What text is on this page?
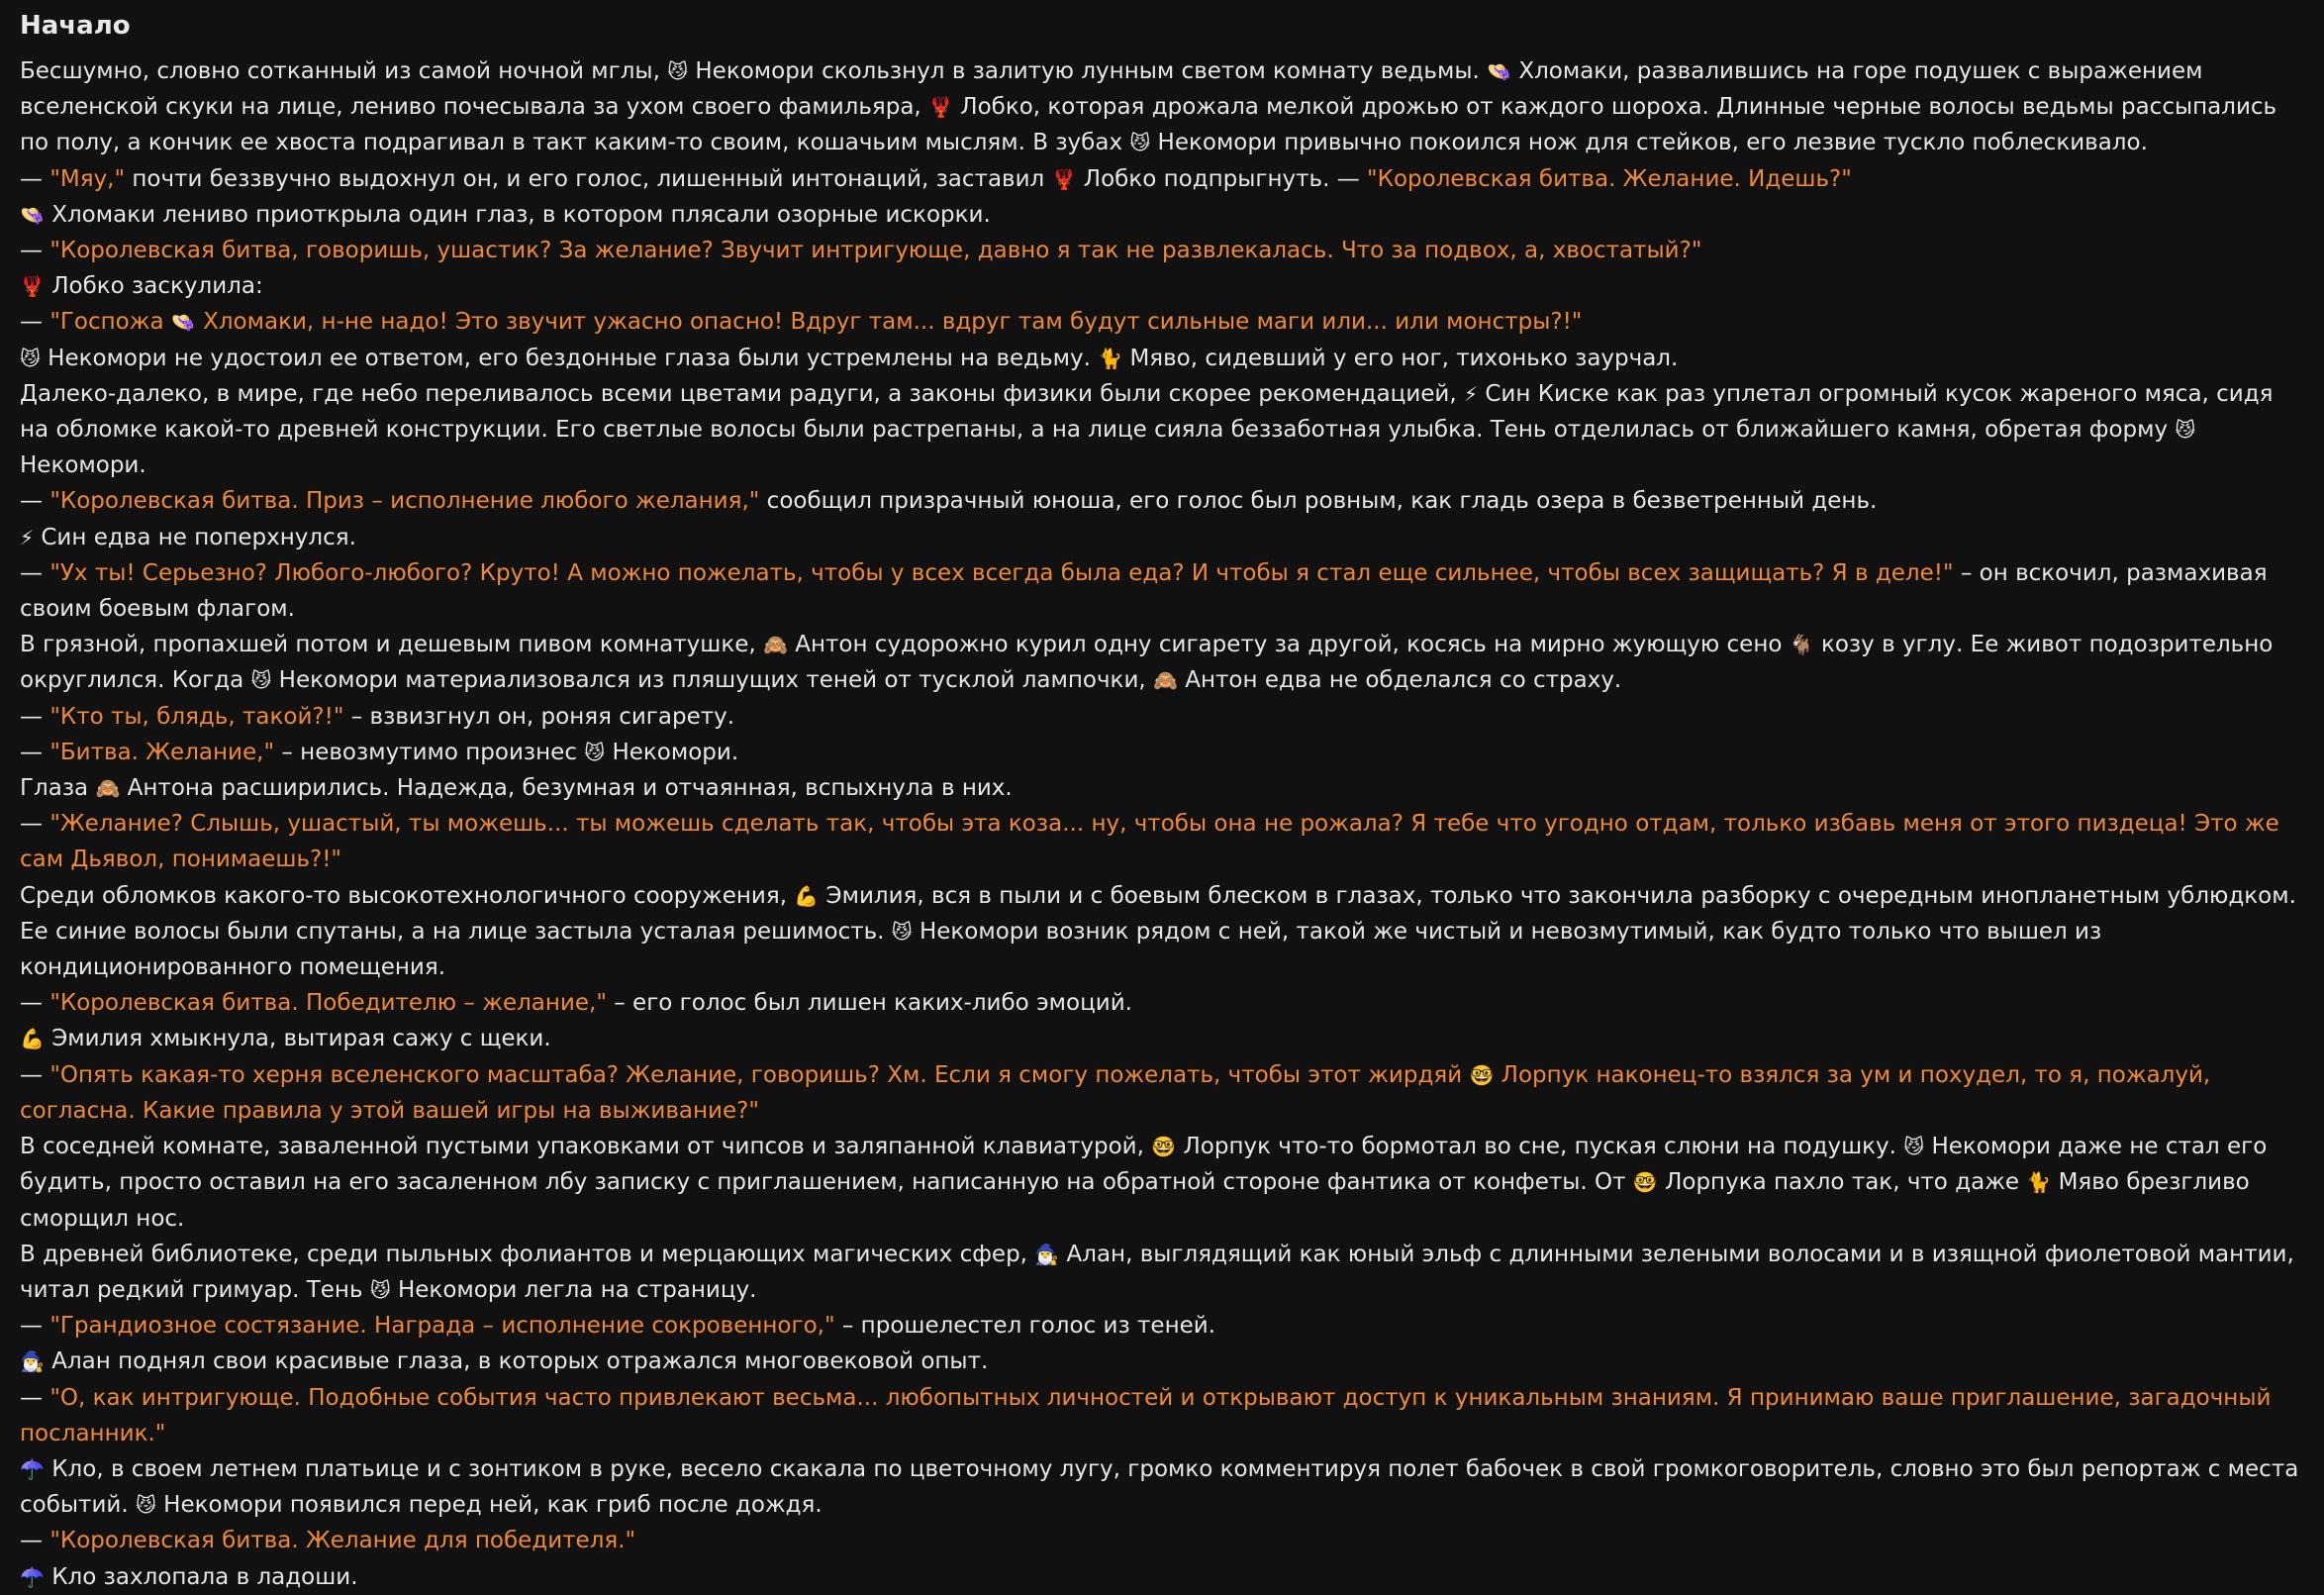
Начало

Бесшумно, словно сотканный из самой ночной мглы, 😼 Некомори скользнул в залитую лунным светом комнату ведьмы. 👒 Хломаки, развалившись на горе подушек с выражением вселенской скуки на лице, лениво почесывала за ухом своего фамильяра, 🦞 Лобко, которая дрожала мелкой дрожью от каждого шороха. Длинные черные волосы ведьмы рассыпались по полу, а кончик ее хвоста подрагивал в такт каким-то своим, кошачьим мыслям. В зубах 😼 Некомори привычно покоился нож для стейков, его лезвие тускло поблескивало.

— "Мяу," почти беззвучно выдохнул он, и его голос, лишенный интонаций, заставил 🦞 Лобко подпрыгнуть. — "Королевская битва. Желание. Идешь?"

👒 Хломаки лениво приоткрыла один глаз, в котором плясали озорные искорки.

— "Королевская битва, говоришь, ушастик? За желание? Звучит интригующе, давно я так не развлекалась. Что за подвох, а, хвостатый?"

🦞 Лобко заскулила:

— "Госпожа 👒 Хломаки, н-не надо! Это звучит ужасно опасно! Вдруг там... вдруг там будут сильные маги или... или монстры?!"

😼 Некомори не удостоил ее ответом, его бездонные глаза были устремлены на ведьму. 🐈 Мяво, сидевший у его ног, тихонько заурчал.

Далеко-далеко, в мире, где небо переливалось всеми цветами радуги, а законы физики были скорее рекомендацией, ⚡ Син Киске как раз уплетал огромный кусок жареного мяса, сидя на обломке какой-то древней конструкции. Его светлые волосы были растрепаны, а на лице сияла беззаботная улыбка. Тень отделилась от ближайшего камня, обретая форму 😼 Некомори.

— "Королевская битва. Приз – исполнение любого желания," сообщил призрачный юноша, его голос был ровным, как гладь озера в безветренный день.

⚡ Син едва не поперхнулся.

— "Ух ты! Серьезно? Любого-любого? Круто! А можно пожелать, чтобы у всех всегда была еда? И чтобы я стал еще сильнее, чтобы всех защищать? Я в деле!" – он вскочил, размахивая своим боевым флагом.

В грязной, пропахшей потом и дешевым пивом комнатушке, 🙈 Антон судорожно курил одну сигарету за другой, косясь на мирно жующую сено 🐐 козу в углу. Ее живот подозрительно округлился. Когда 😼 Некомори материализовался из пляшущих теней от тусклой лампочки, 🙈 Антон едва не обделался со страху.

— "Кто ты, блядь, такой?!" – взвизгнул он, роняя сигарету.

— "Битва. Желание," – невозмутимо произнес 😼 Некомори.

Глаза 🙈 Антона расширились. Надежда, безумная и отчаянная, вспыхнула в них.

— "Желание? Слышь, ушастый, ты можешь... ты можешь сделать так, чтобы эта коза... ну, чтобы она не рожала? Я тебе что угодно отдам, только избавь меня от этого пиздеца! Это же сам Дьявол, понимаешь?!"

Среди обломков какого-то высокотехнологичного сооружения, 💪 Эмилия, вся в пыли и с боевым блеском в глазах, только что закончила разборку с очередным инопланетным ублюдком. Ее синие волосы были спутаны, а на лице застыла усталая решимость. 😼 Некомори возник рядом с ней, такой же чистый и невозмутимый, как будто только что вышел из кондиционированного помещения.

— "Королевская битва. Победителю – желание," – его голос был лишен каких-либо эмоций.

💪 Эмилия хмыкнула, вытирая сажу с щеки.

— "Опять какая-то херня вселенского масштаба? Желание, говоришь? Хм. Если я смогу пожелать, чтобы этот жирдяй 🤓 Лорпук наконец-то взялся за ум и похудел, то я, пожалуй, согласна. Какие правила у этой вашей игры на выживание?"

В соседней комнате, заваленной пустыми упаковками от чипсов и заляпанной клавиатурой, 🤓 Лорпук что-то бормотал во сне, пуская слюни на подушку. 😼 Некомори даже не стал его будить, просто оставил на его засаленном лбу записку с приглашением, написанную на обратной стороне фантика от конфеты. От 🤓 Лорпука пахло так, что даже 🐈 Мяво брезгливо сморщил нос.

В древней библиотеке, среди пыльных фолиантов и мерцающих магических сфер, 🧙‍♂️ Алан, выглядящий как юный эльф с длинными зелеными волосами и в изящной фиолетовой мантии, читал редкий гримуар. Тень 😼 Некомори легла на страницу.

— "Грандиозное состязание. Награда – исполнение сокровенного," – прошелестел голос из теней.

🧙‍♂️ Алан поднял свои красивые глаза, в которых отражался многовековой опыт.

— "О, как интригующе. Подобные события часто привлекают весьма... любопытных личностей и открывают доступ к уникальным знаниям. Я принимаю ваше приглашение, загадочный посланник."

☂️ Кло, в своем летнем платьице и с зонтиком в руке, весело скакала по цветочному лугу, громко комментируя полет бабочек в свой громкоговоритель, словно это был репортаж с места событий. 😼 Некомори появился перед ней, как гриб после дождя.

— "Королевская битва. Желание для победителя."

☂️ Кло захлопала в ладоши.
